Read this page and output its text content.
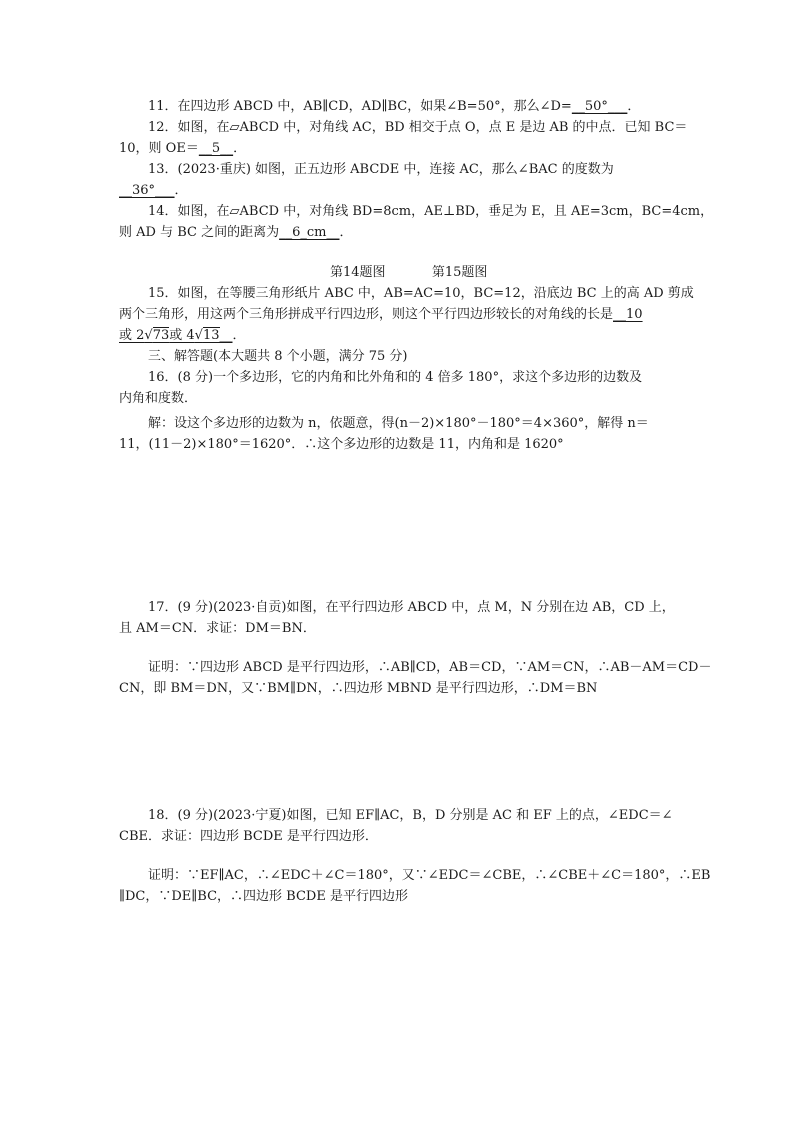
11．在四边形 ABCD 中，AB∥CD，AD∥BC，如果∠B=50°，那么∠D=__50°___．
12．如图，在▱ABCD 中，对角线 AC，BD 相交于点 O，点 E 是边 AB 的中点．已知 BC＝
10，则 OE＝__5__．
13．(2023·重庆) 如图，正五边形 ABCDE 中，连接 AC，那么∠BAC 的度数为
__36°___．
14．如图，在▱ABCD 中，对角线 BD=8cm，AE⊥BD，垂足为 E，且 AE=3cm，BC=4cm，
则 AD 与 BC 之间的距离为__6_cm__．
第14题图	第15题图
15．如图，在等腰三角形纸片 ABC 中，AB=AC=10，BC=12，沿底边 BC 上的高 AD 剪成
两个三角形，用这两个三角形拼成平行四边形，则这个平行四边形较长的对角线的长是__10
或 2√73或 4√13__．
三、解答题(本大题共 8 个小题，满分 75 分)
16．(8 分)一个多边形，它的内角和比外角和的 4 倍多 180°，求这个多边形的边数及
内角和度数．
解：设这个多边形的边数为 n，依题意，得(n－2)×180°－180°＝4×360°，解得 n＝
11，(11－2)×180°＝1620°．∴这个多边形的边数是 11，内角和是 1620°
17．(9 分)(2023·自贡)如图，在平行四边形 ABCD 中，点 M，N 分别在边 AB，CD 上，
且 AM＝CN．求证：DM＝BN．
证明：∵四边形 ABCD 是平行四边形，∴AB∥CD，AB＝CD，∵AM＝CN，∴AB－AM＝CD－
CN，即 BM＝DN，又∵BM∥DN，∴四边形 MBND 是平行四边形，∴DM＝BN
18．(9 分)(2023·宁夏)如图，已知 EF∥AC，B，D 分别是 AC 和 EF 上的点，∠EDC＝∠
CBE．求证：四边形 BCDE 是平行四边形．
证明：∵EF∥AC，∴∠EDC＋∠C＝180°，又∵∠EDC＝∠CBE，∴∠CBE＋∠C＝180°，∴EB
∥DC，∵DE∥BC，∴四边形 BCDE 是平行四边形
